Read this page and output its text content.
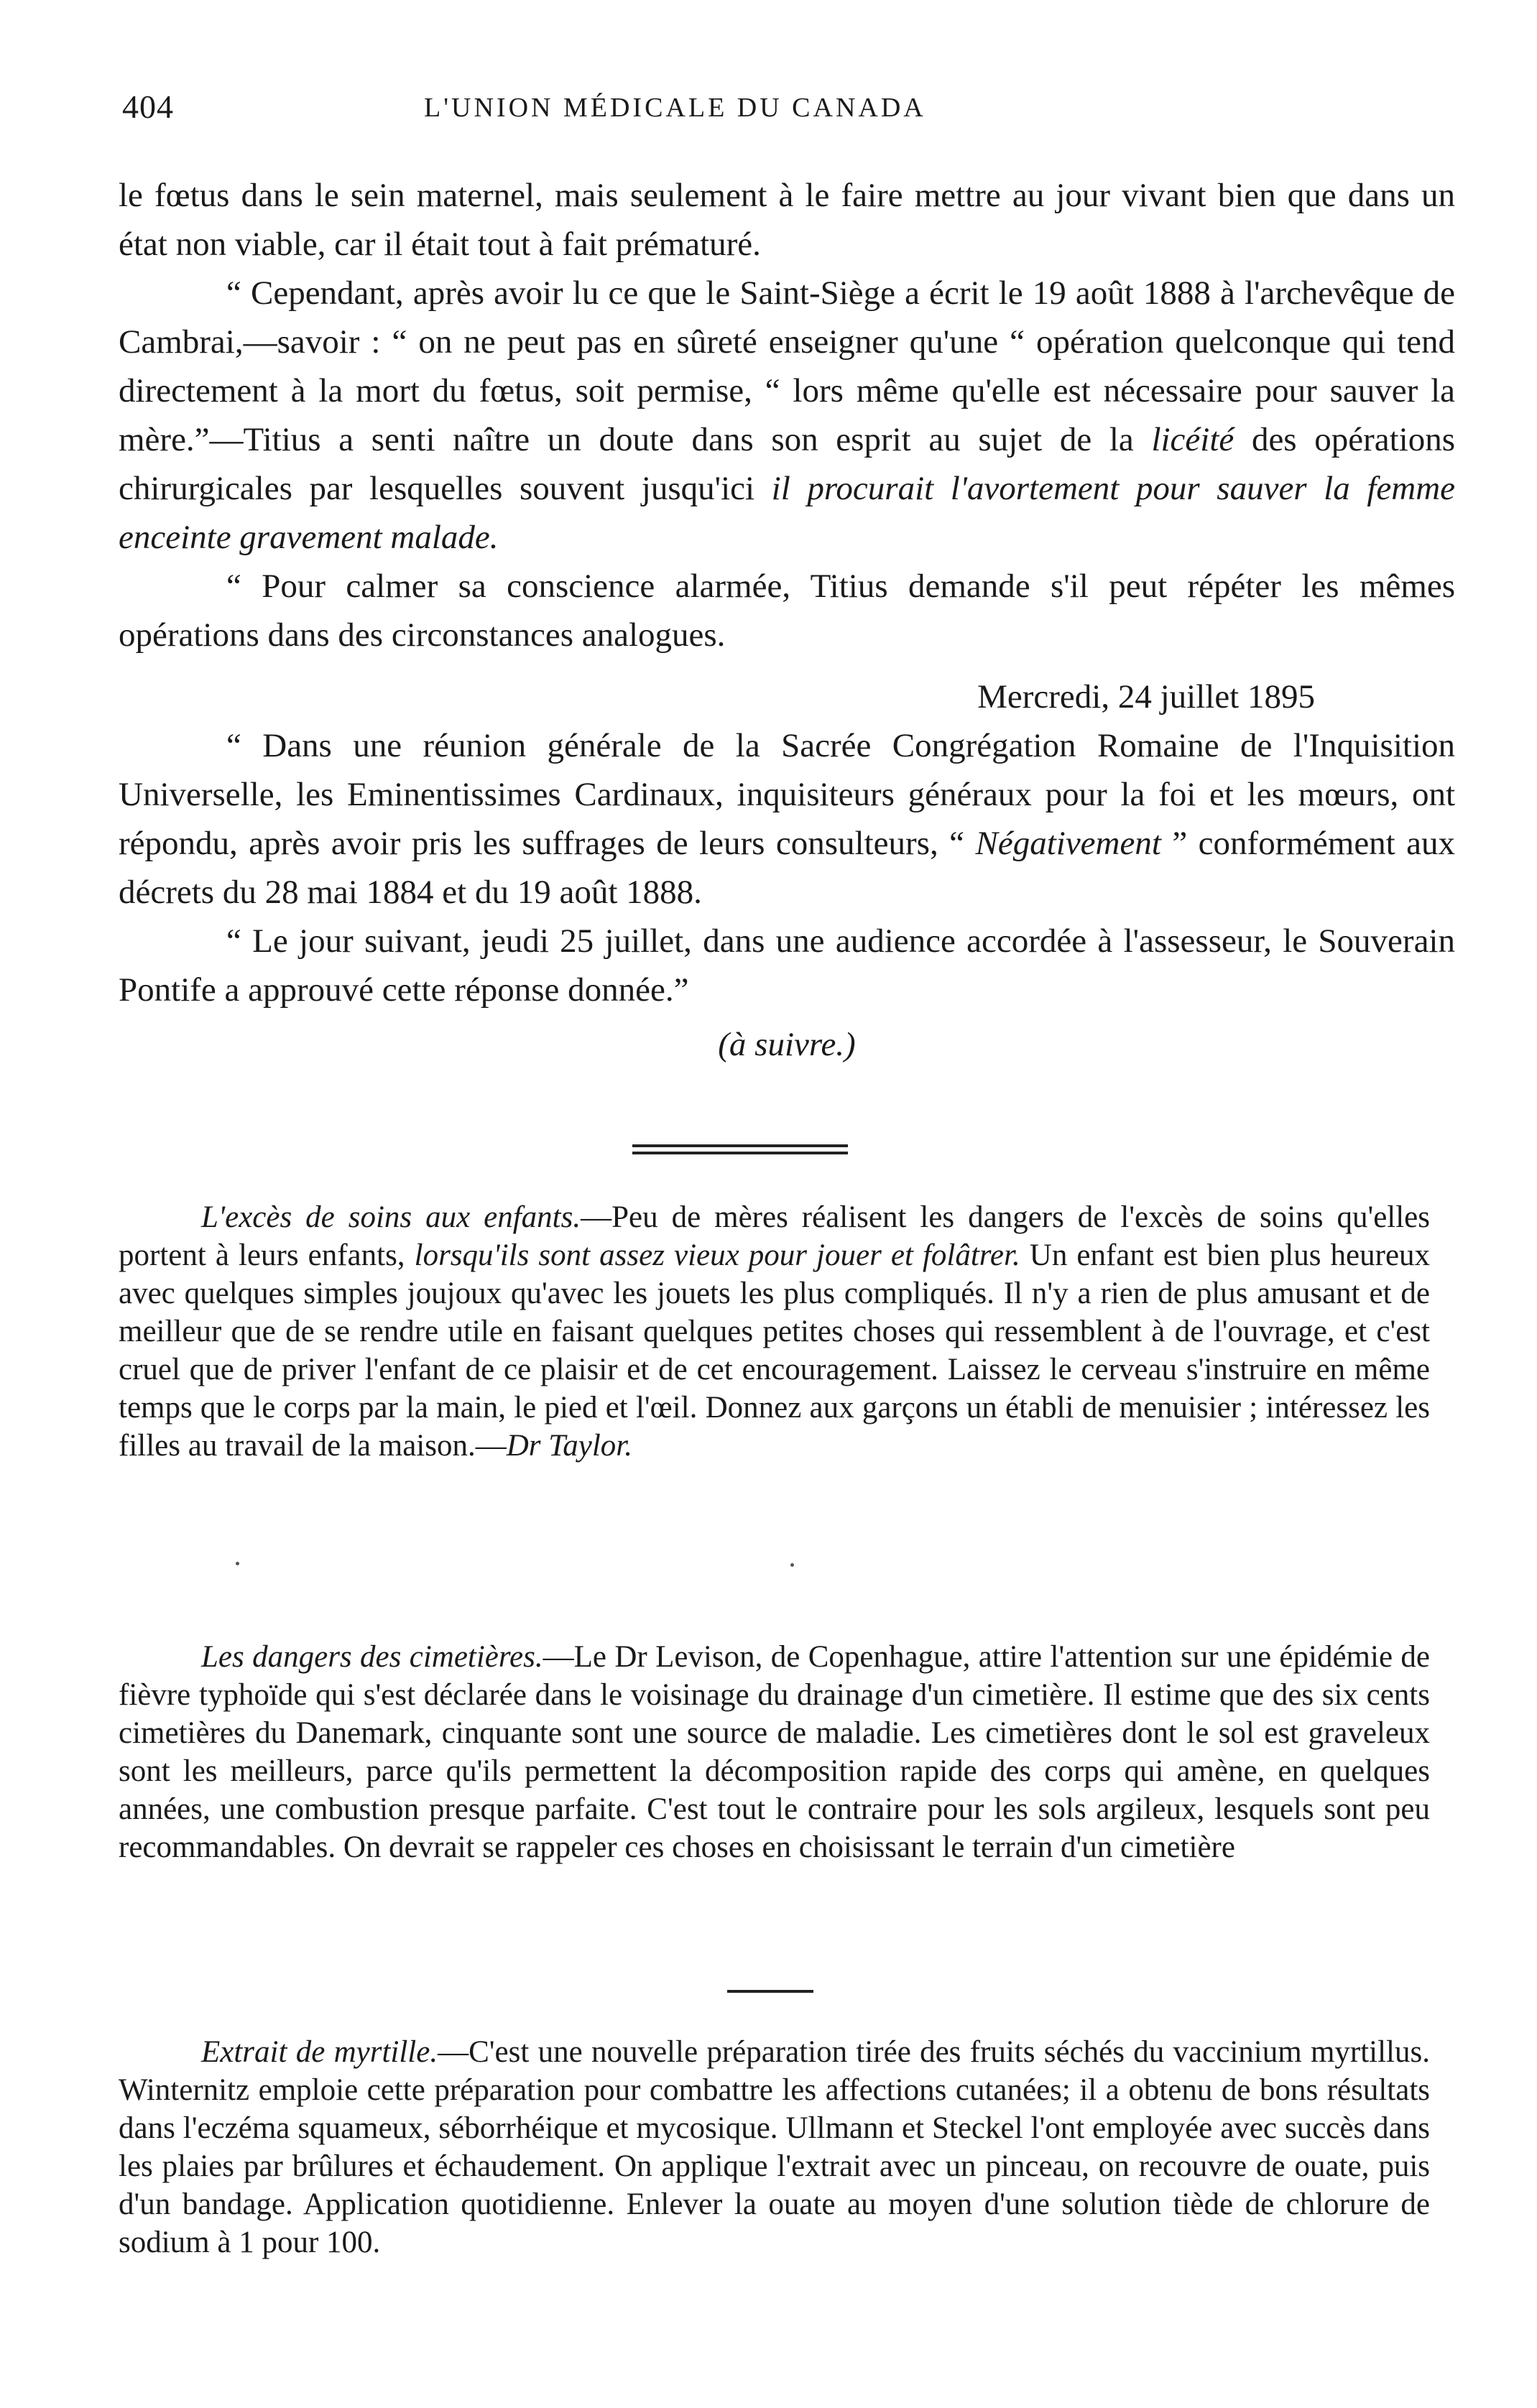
404	L'UNION MÉDICALE DU CANADA

le fœtus dans le sein maternel, mais seulement à le faire mettre au jour vivant bien que dans un état non viable, car il était tout à fait prématuré.

“ Cependant, après avoir lu ce que le Saint-Siège a écrit le 19 août 1888 à l'archevêque de Cambrai,—savoir : “ on ne peut pas en sûreté enseigner qu'une “ opération quelconque qui tend directement à la mort du fœtus, soit permise, “ lors même qu'elle est nécessaire pour sauver la mère.”—Titius a senti naître un doute dans son esprit au sujet de la licéité des opérations chirurgicales par lesquelles souvent jusqu'ici il procurait l'avortement pour sauver la femme enceinte gravement malade.

“ Pour calmer sa conscience alarmée, Titius demande s'il peut répéter les mêmes opérations dans des circonstances analogues.

Mercredi, 24 juillet 1895

“ Dans une réunion générale de la Sacrée Congrégation Romaine de l'Inquisition Universelle, les Eminentissimes Cardinaux, inquisiteurs généraux pour la foi et les mœurs, ont répondu, après avoir pris les suffrages de leurs consulteurs, “ Négativement ” conformément aux décrets du 28 mai 1884 et du 19 août 1888.

“ Le jour suivant, jeudi 25 juillet, dans une audience accordée à l'assesseur, le Souverain Pontife a approuvé cette réponse donnée.”

(à suivre.)

L'excès de soins aux enfants.—Peu de mères réalisent les dangers de l'excès de soins qu'elles portent à leurs enfants, lorsqu'ils sont assez vieux pour jouer et folâtrer. Un enfant est bien plus heureux avec quelques simples joujoux qu'avec les jouets les plus compliqués. Il n'y a rien de plus amusant et de meilleur que de se rendre utile en faisant quelques petites choses qui ressemblent à de l'ouvrage, et c'est cruel que de priver l'enfant de ce plaisir et de cet encouragement. Laissez le cerveau s'instruire en même temps que le corps par la main, le pied et l'œil. Donnez aux garçons un établi de menuisier ; intéressez les filles au travail de la maison.—Dr Taylor.

Les dangers des cimetières.—Le Dr Levison, de Copenhague, attire l'attention sur une épidémie de fièvre typhoïde qui s'est déclarée dans le voisinage du drainage d'un cimetière. Il estime que des six cents cimetières du Danemark, cinquante sont une source de maladie. Les cimetières dont le sol est graveleux sont les meilleurs, parce qu'ils permettent la décomposition rapide des corps qui amène, en quelques années, une combustion presque parfaite. C'est tout le contraire pour les sols argileux, lesquels sont peu recommandables. On devrait se rappeler ces choses en choisissant le terrain d'un cimetière

Extrait de myrtille.—C'est une nouvelle préparation tirée des fruits séchés du vaccinium myrtillus. Winternitz emploie cette préparation pour combattre les affections cutanées; il a obtenu de bons résultats dans l'eczéma squameux, séborrhéique et mycosique. Ullmann et Steckel l'ont employée avec succès dans les plaies par brûlures et échaudement. On applique l'extrait avec un pinceau, on recouvre de ouate, puis d'un bandage. Application quotidienne. Enlever la ouate au moyen d'une solution tiède de chlorure de sodium à 1 pour 100.
